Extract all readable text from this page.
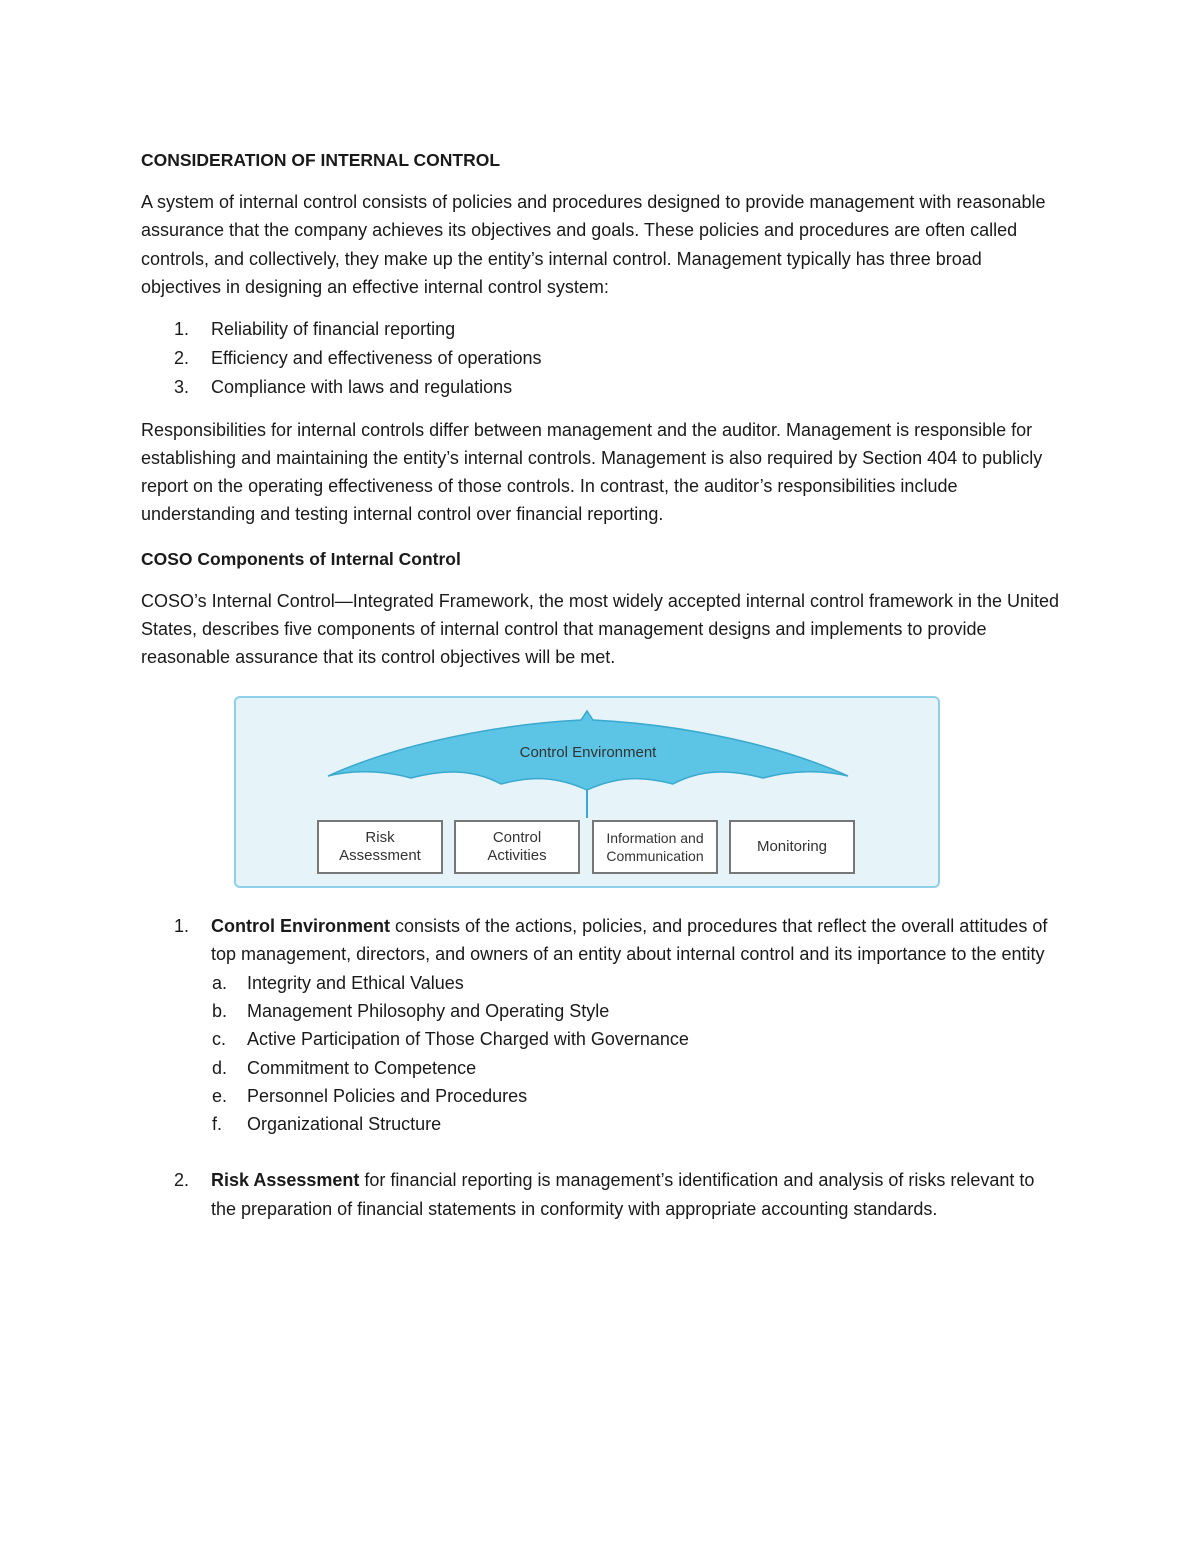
CONSIDERATION OF INTERNAL CONTROL

A system of internal control consists of policies and procedures designed to provide management with reasonable assurance that the company achieves its objectives and goals. These policies and procedures are often called controls, and collectively, they make up the entity’s internal control. Management typically has three broad objectives in designing an effective internal control system:

1. Reliability of financial reporting
2. Efficiency and effectiveness of operations
3. Compliance with laws and regulations

Responsibilities for internal controls differ between management and the auditor. Management is responsible for establishing and maintaining the entity’s internal controls. Management is also required by Section 404 to publicly report on the operating effectiveness of those controls. In contrast, the auditor’s responsibilities include understanding and testing internal control over financial reporting.

COSO Components of Internal Control

COSO’s Internal Control—Integrated Framework, the most widely accepted internal control framework in the United States, describes five components of internal control that management designs and implements to provide reasonable assurance that its control objectives will be met.

Control Environment
Risk
Assessment
Control
Activities
Information and
Communication
Monitoring
1. Control Environment consists of the actions, policies, and procedures that reflect the overall attitudes of top management, directors, and owners of an entity about internal control and its importance to the entity
a. Integrity and Ethical Values
b. Management Philosophy and Operating Style
c. Active Participation of Those Charged with Governance
d. Commitment to Competence
e. Personnel Policies and Procedures
f. Organizational Structure
2. Risk Assessment for financial reporting is management’s identification and analysis of risks relevant to the preparation of financial statements in conformity with appropriate accounting standards.
